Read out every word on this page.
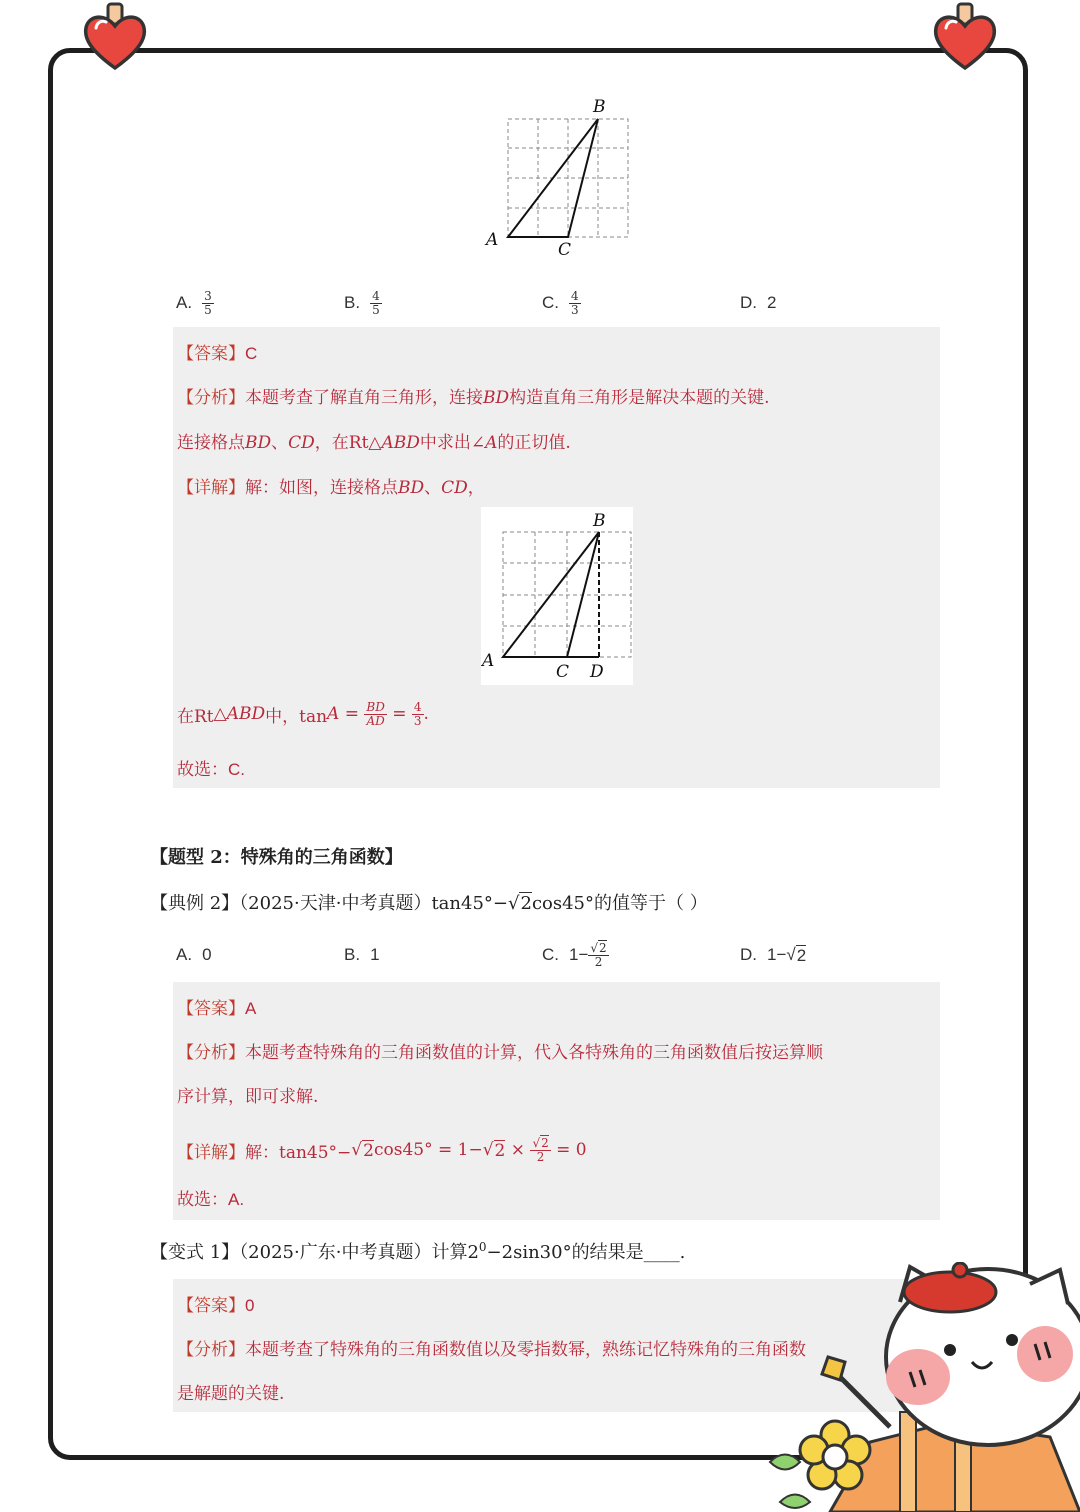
B
A	C
A. $\frac{3}{5}$	B. $\frac{4}{5}$	C. $\frac{4}{3}$	D. 2
【答案】C
【分析】本题考查了解直角三角形，连接BD构造直角三角形是解决本题的关键.
连接格点BD、CD，在Rt△ABD中求出∠A的正切值.
【详解】解：如图，连接格点BD、CD，
B
A
C D
在Rt △ ABD 中，$\tan A = \frac{BD}{AD} = \frac{4}{3}$ .
故选：C.
【题型 2：特殊角的三角函数】
【典例 2】（2025·天津·中考真题）tan45°−√2cos45°的值等于（ ）
A. 0	B. 1	C. $1- \frac{√2}{2}$	D. 1− √ 2
【答案】A
【分析】本题考查特殊角的三角函数值的计算，代入各特殊角的三角函数值后按运算顺
序计算，即可求解.
【详解】 解：tan45°− √ 2 cos45° = 1− √ $2 \times \frac{√2}{2} = 0$
故选：A.
【变式 1】（2025·广东·中考真题）计算$2^0-2\sin 30^\circ$的结果是____.
【答案】0
【分析】本题考查了特殊角的三角函数值以及零指数幂，熟练记忆特殊角的三角函数
是解题的关键.
